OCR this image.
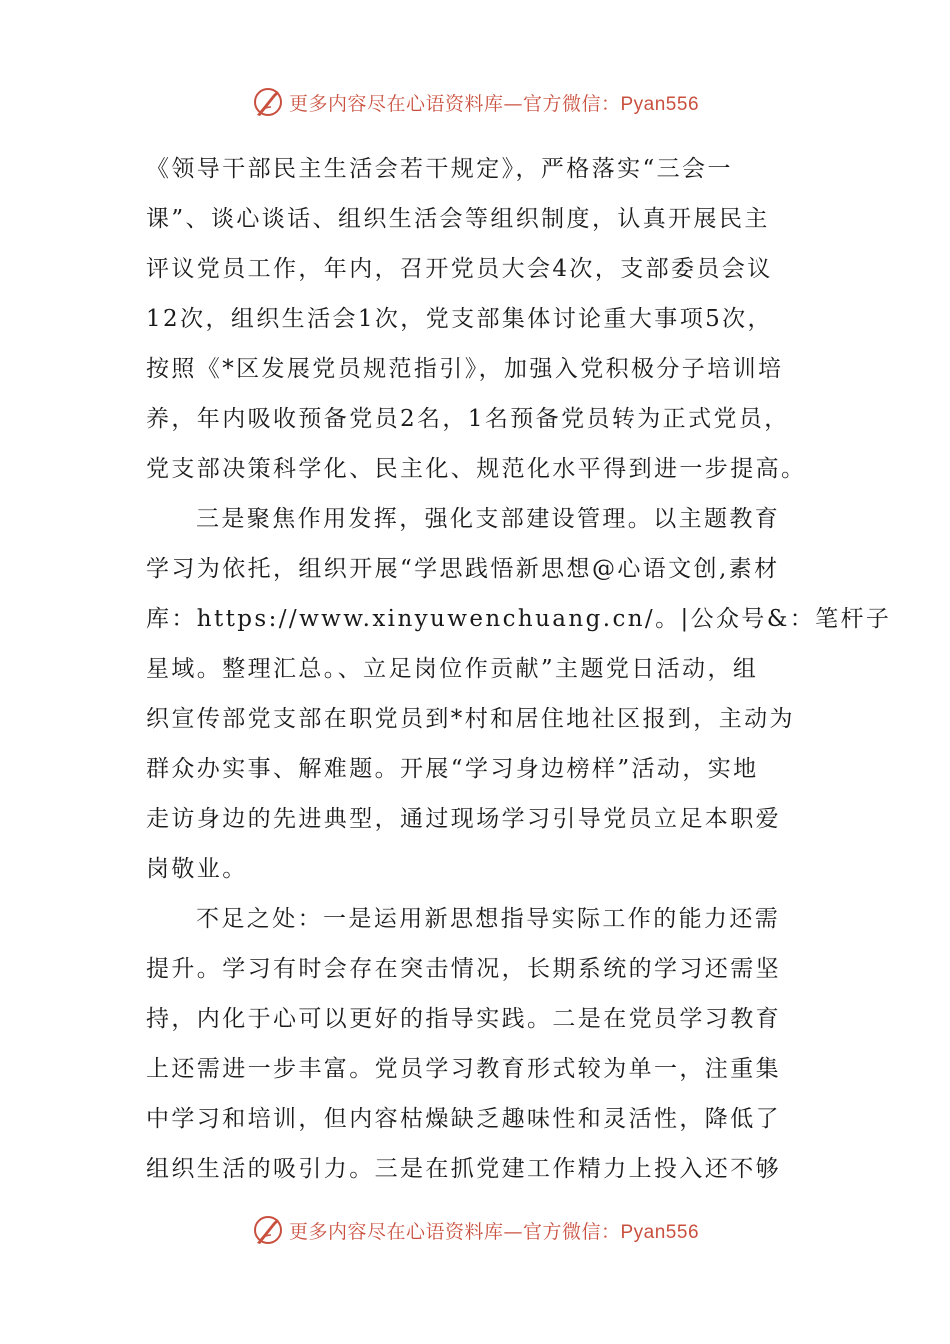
更多内容尽在心语资料库—官方微信：Pyan556

《领导干部民主生活会若干规定》，严格落实“三会一
课”、谈心谈话、组织生活会等组织制度，认真开展民主
评议党员工作，年内，召开党员大会4次，支部委员会议
12次，组织生活会1次，党支部集体讨论重大事项5次，
按照《*区发展党员规范指引》，加强入党积极分子培训培
养，年内吸收预备党员2名，1名预备党员转为正式党员，
党支部决策科学化、民主化、规范化水平得到进一步提高。

三是聚焦作用发挥，强化支部建设管理。以主题教育
学习为依托，组织开展“学思践悟新思想@心语文创,素材
库：https://www.xinyuwenchuang.cn/。|公众号&：笔杆子
星域。整理汇总。、立足岗位作贡献”主题党日活动，组
织宣传部党支部在职党员到*村和居住地社区报到，主动为
群众办实事、解难题。开展“学习身边榜样”活动，实地
走访身边的先进典型，通过现场学习引导党员立足本职爱
岗敬业。

不足之处：一是运用新思想指导实际工作的能力还需
提升。学习有时会存在突击情况，长期系统的学习还需坚
持，内化于心可以更好的指导实践。二是在党员学习教育
上还需进一步丰富。党员学习教育形式较为单一，注重集
中学习和培训，但内容枯燥缺乏趣味性和灵活性，降低了
组织生活的吸引力。三是在抓党建工作精力上投入还不够

更多内容尽在心语资料库—官方微信：Pyan556
